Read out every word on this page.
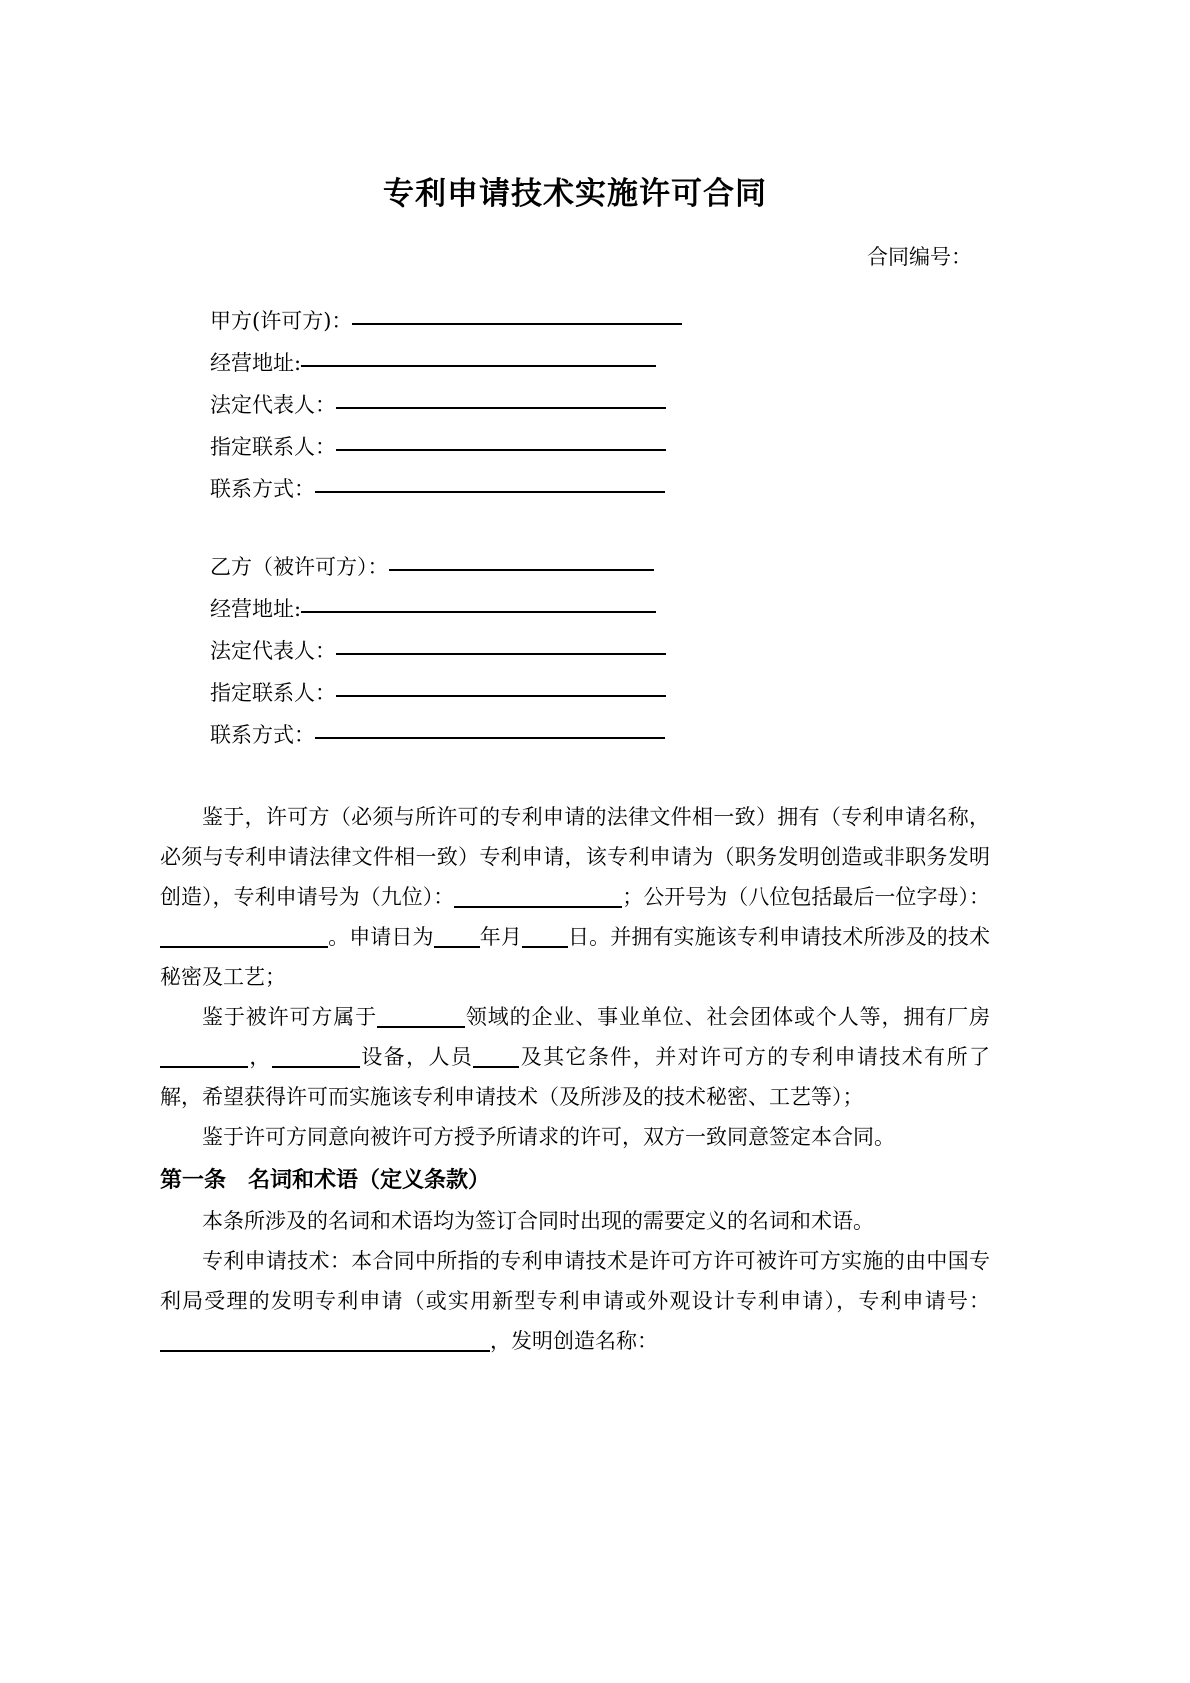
专利申请技术实施许可合同
合同编号：
甲方(许可方)：
经营地址:
法定代表人：
指定联系人：
联系方式：
乙方（被许可方）：
经营地址:
法定代表人：
指定联系人：
联系方式：

鉴于，许可方（必须与所许可的专利申请的法律文件相一致）拥有（专利申请名称，必须与专利申请法律文件相一致）专利申请，该专利申请为（职务发明创造或非职务发明创造），专利申请号为（九位）：	；公开号为（八位包括最后一位字母）：。申请日为 年月 日。并拥有实施该专利申请技术所涉及的技术秘密及工艺；

鉴于被许可方属于	领域的企业、事业单位、社会团体或个人等，拥有厂房，	设备，人员 及其它条件，并对许可方的专利申请技术有所了解，希望获得许可而实施该专利申请技术（及所涉及的技术秘密、工艺等）；

鉴于许可方同意向被许可方授予所请求的许可，双方一致同意签定本合同。

第一条　名词和术语（定义条款）

本条所涉及的名词和术语均为签订合同时出现的需要定义的名词和术语。

专利申请技术：本合同中所指的专利申请技术是许可方许可被许可方实施的由中国专利局受理的发明专利申请（或实用新型专利申请或外观设计专利申请），专利申请号：，发明创造名称：
